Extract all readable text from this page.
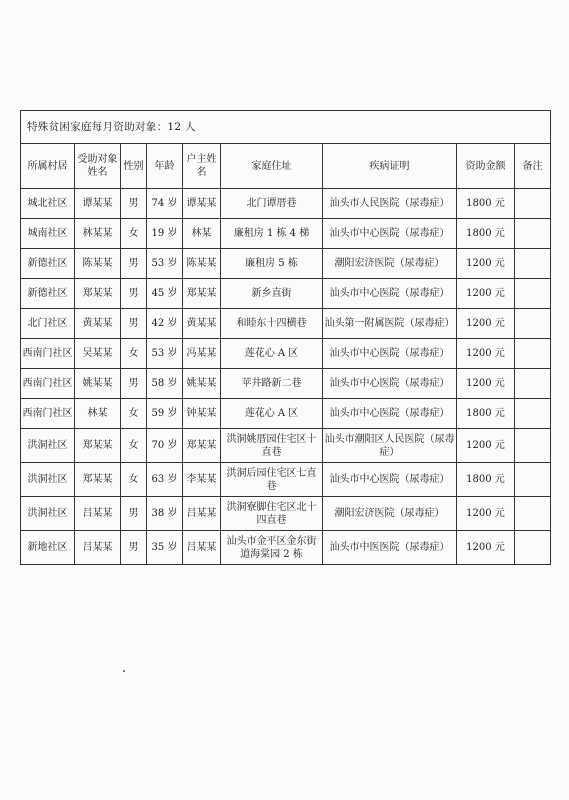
特殊贫困家庭每月资助对象：12 人								
所属村居	受助对象姓名	性别	年龄	户主姓名	家庭住址	疾病证明	资助金额	备注
城北社区	谭某某	男	74 岁	谭某某	北门谭厝巷	汕头市人民医院（尿毒症）	1800 元	
城南社区	林某某	女	19 岁	林某	廉租房 1 栋 4 梯	汕头市中心医院（尿毒症）	1800 元	
新德社区	陈某某	男	53 岁	陈某某	廉租房 5 栋	潮阳宏济医院（尿毒症）	1200 元	
新德社区	郑某某	男	45 岁	郑某某	新乡直街	汕头市中心医院（尿毒症）	1200 元	
北门社区	黄某某	男	42 岁	黄某某	和睦东十四横巷	汕头第一附属医院（尿毒症）	1200 元	
西南门社区	吴某某	女	53 岁	冯某某	莲花心 A 区	汕头市中心医院（尿毒症）	1200 元	
西南门社区	姚某某	男	58 岁	姚某某	苹井路新二巷	汕头市中心医院（尿毒症）	1200 元	
西南门社区	林某	女	59 岁	钟某某	莲花心 A 区	汕头市中心医院（尿毒症）	1800 元	
洪洞社区	郑某某	女	70 岁	郑某某	洪洞姚厝园住宅区十直巷	汕头市潮阳区人民医院（尿毒症）	1200 元	
洪洞社区	郑某某	女	63 岁	李某某	洪洞后园住宅区七直巷	汕头市中心医院（尿毒症）	1800 元	
洪洞社区	吕某某	男	38 岁	吕某某	洪洞寮脚住宅区北十四直巷	潮阳宏济医院（尿毒症）	1200 元	
新地社区	吕某某	男	35 岁	吕某某	汕头市金平区金东街道海棠园 2 栋	汕头市中医医院（尿毒症）	1200 元	
